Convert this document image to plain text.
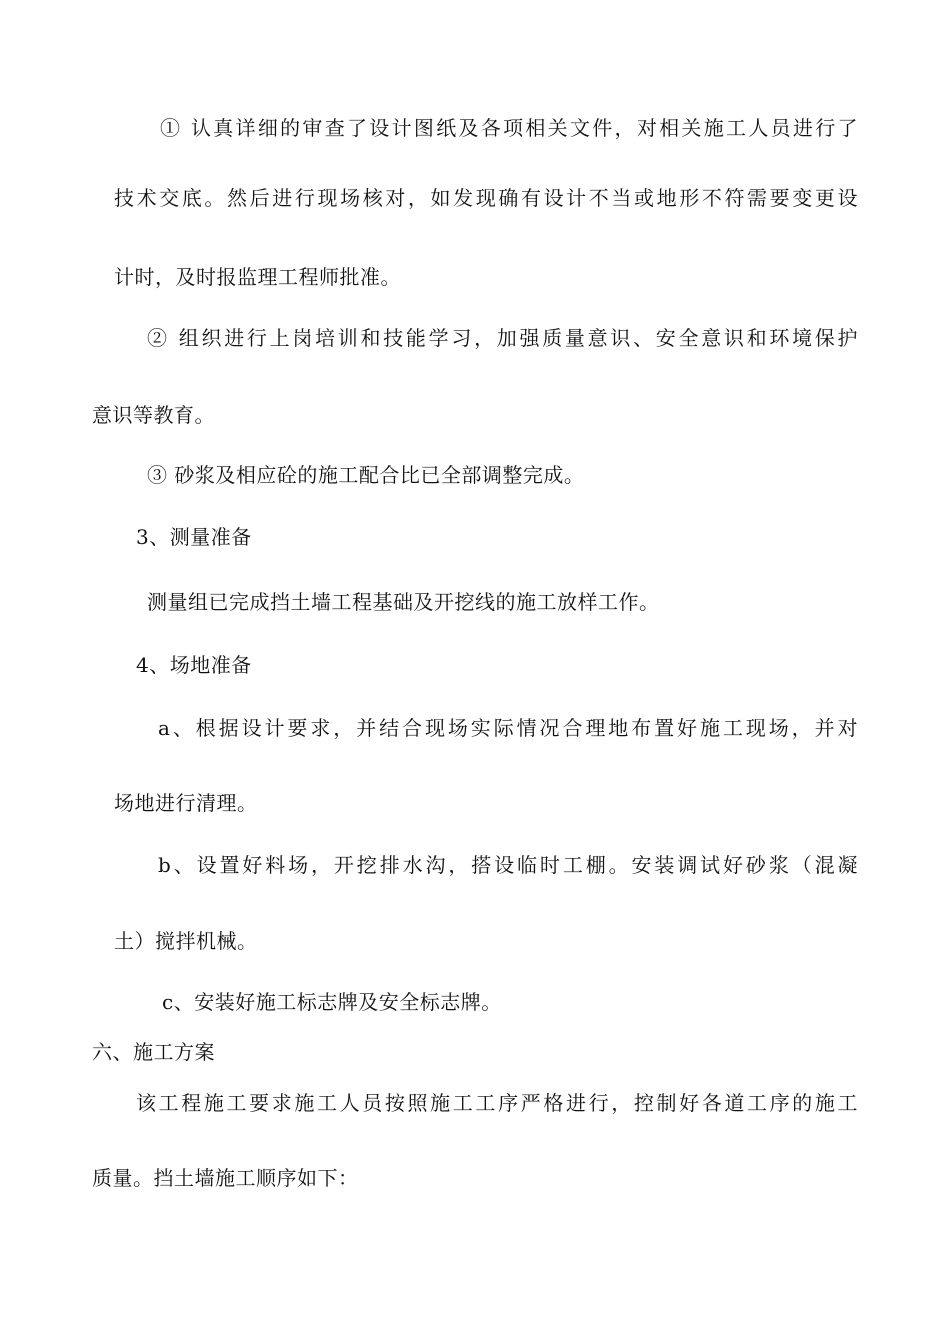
① 认真详细的审查了设计图纸及各项相关文件，对相关施工人员进行了
技术交底。然后进行现场核对，如发现确有设计不当或地形不符需要变更设
计时，及时报监理工程师批准。
② 组织进行上岗培训和技能学习，加强质量意识、安全意识和环境保护
意识等教育。
③ 砂浆及相应砼的施工配合比已全部调整完成。
3、测量准备
测量组已完成挡土墙工程基础及开挖线的施工放样工作。
4、场地准备
a、根据设计要求，并结合现场实际情况合理地布置好施工现场，并对
场地进行清理。
b、设置好料场，开挖排水沟，搭设临时工棚。安装调试好砂浆（混凝
土）搅拌机械。
c、安装好施工标志牌及安全标志牌。
六、施工方案
该工程施工要求施工人员按照施工工序严格进行，控制好各道工序的施工
质量。挡土墙施工顺序如下：
